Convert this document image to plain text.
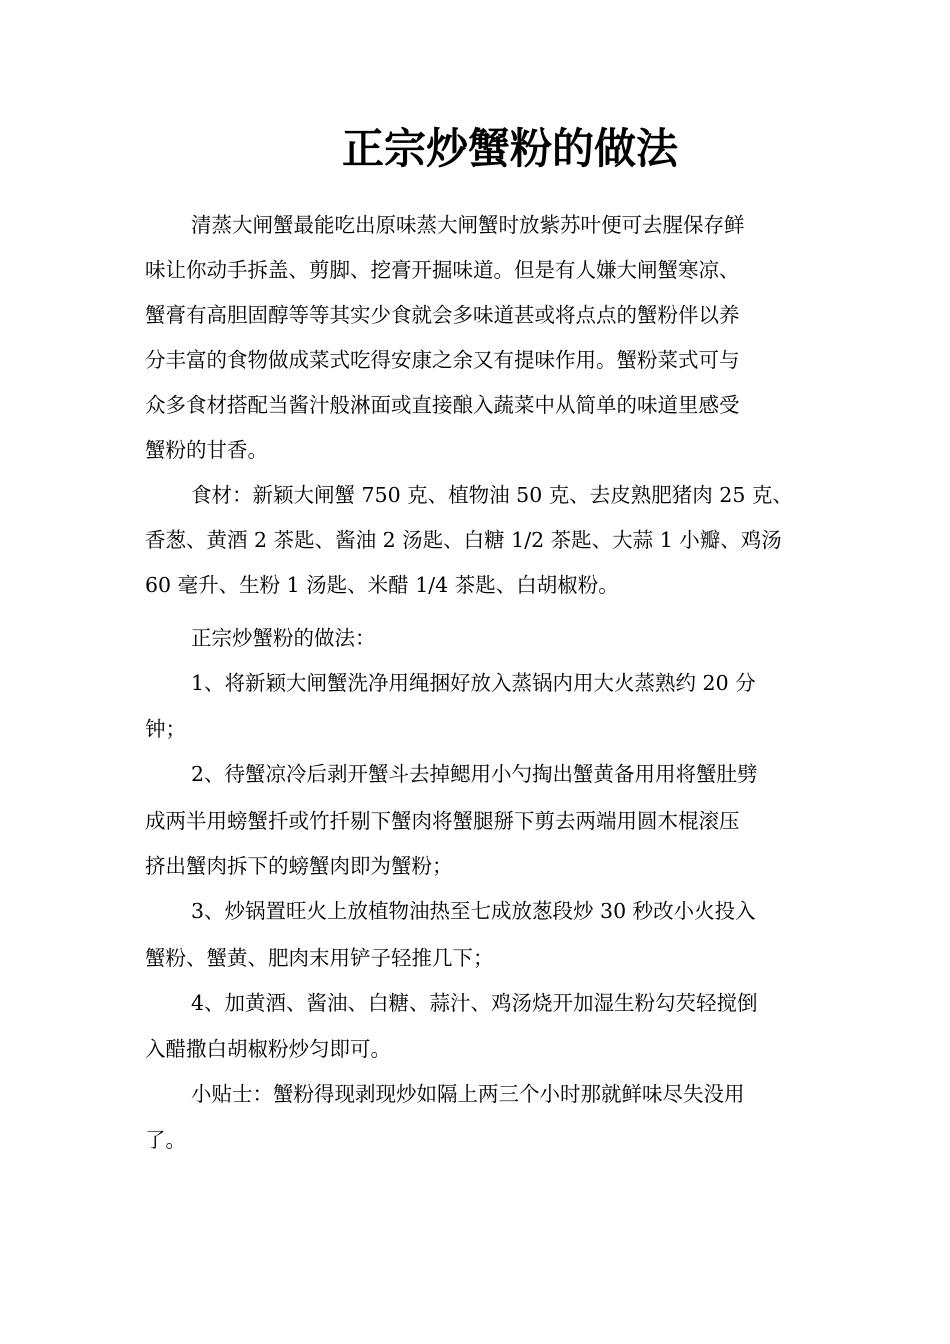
正宗炒蟹粉的做法
清蒸大闸蟹最能吃出原味蒸大闸蟹时放紫苏叶便可去腥保存鲜
味让你动手拆盖、剪脚、挖膏开掘味道。但是有人嫌大闸蟹寒凉、
蟹膏有高胆固醇等等其实少食就会多味道甚或将点点的蟹粉伴以养
分丰富的食物做成菜式吃得安康之余又有提味作用。蟹粉菜式可与
众多食材搭配当酱汁般淋面或直接酿入蔬菜中从简单的味道里感受
蟹粉的甘香。
食材：新颖大闸蟹 750 克、植物油 50 克、去皮熟肥猪肉 25 克、
香葱、黄酒 2 茶匙、酱油 2 汤匙、白糖 1/2 茶匙、大蒜 1 小瓣、鸡汤
60 毫升、生粉 1 汤匙、米醋 1/4 茶匙、白胡椒粉。
正宗炒蟹粉的做法：
1、将新颖大闸蟹洗净用绳捆好放入蒸锅内用大火蒸熟约 20 分
钟；
2、待蟹凉冷后剥开蟹斗去掉鳃用小勺掏出蟹黄备用用将蟹肚劈
成两半用螃蟹扦或竹扦剔下蟹肉将蟹腿掰下剪去两端用圆木棍滚压
挤出蟹肉拆下的螃蟹肉即为蟹粉；
3、炒锅置旺火上放植物油热至七成放葱段炒 30 秒改小火投入
蟹粉、蟹黄、肥肉末用铲子轻推几下；
4、加黄酒、酱油、白糖、蒜汁、鸡汤烧开加湿生粉勾芡轻搅倒
入醋撒白胡椒粉炒匀即可。
小贴士：蟹粉得现剥现炒如隔上两三个小时那就鲜味尽失没用
了。
